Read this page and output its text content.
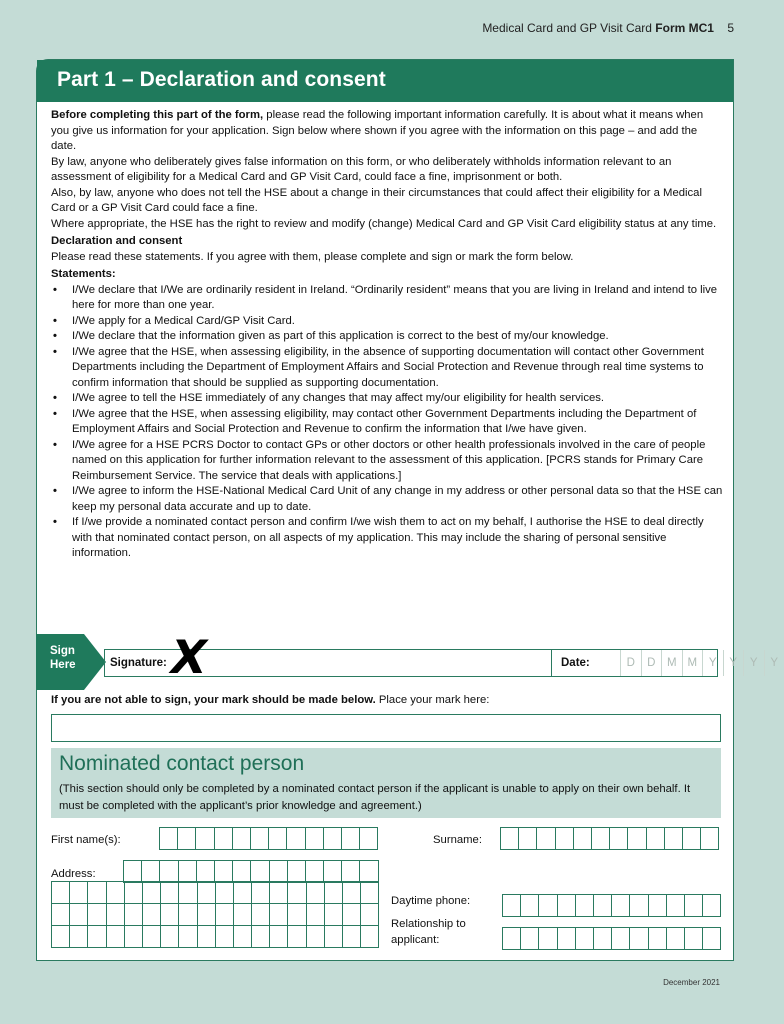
Medical Card and GP Visit Card Form MC1 5
Part 1 – Declaration and consent

Before completing this part of the form, please read the following important information carefully. It is about what it means when you give us information for your application. Sign below where shown if you agree with the information on this page – and add the date.

By law, anyone who deliberately gives false information on this form, or who deliberately withholds information relevant to an assessment of eligibility for a Medical Card and GP Visit Card, could face a fine, imprisonment or both.

Also, by law, anyone who does not tell the HSE about a change in their circumstances that could affect their eligibility for a Medical Card or a GP Visit Card could face a fine.

Where appropriate, the HSE has the right to review and modify (change) Medical Card and GP Visit Card eligibility status at any time.

Declaration and consent

Please read these statements. If you agree with them, please complete and sign or mark the form below.

Statements:

• I/We declare that I/We are ordinarily resident in Ireland. “Ordinarily resident” means that you are living in Ireland and intend to live here for more than one year.
• I/We apply for a Medical Card/GP Visit Card.
• I/We declare that the information given as part of this application is correct to the best of my/our knowledge.
• I/We agree that the HSE, when assessing eligibility, in the absence of supporting documentation will contact other Government Departments including the Department of Employment Affairs and Social Protection and Revenue through real time systems to confirm information that should be supplied as supporting documentation.
• I/We agree to tell the HSE immediately of any changes that may affect my/our eligibility for health services.
• I/We agree that the HSE, when assessing eligibility, may contact other Government Departments including the Department of Employment Affairs and Social Protection and Revenue to confirm the information that I/we have given.
• I/We agree for a HSE PCRS Doctor to contact GPs or other doctors or other health professionals involved in the care of people named on this application for further information relevant to the assessment of this application. [PCRS stands for Primary Care Reimbursement Service. The service that deals with applications.]
• I/We agree to inform the HSE-National Medical Card Unit of any change in my address or other personal data so that the HSE can keep my personal data accurate and up to date.
• If I/we provide a nominated contact person and confirm I/we wish them to act on my behalf, I authorise the HSE to deal directly with that nominated contact person, on all aspects of my application. This may include the sharing of personal sensitive information.
Sign
Here	Signature:	Date:	D	D	M M	Y	Y	Y	Y
X
If you are not able to sign, your mark should be made below. Place your mark here:
Nominated contact person
(This section should only be completed by a nominated contact person if the applicant is unable to apply on their own behalf. It must be completed with the applicant’s prior knowledge and agreement.)
First name(s):	Surname:
Address:
Daytime phone:
Relationship to
applicant:
December 2021
